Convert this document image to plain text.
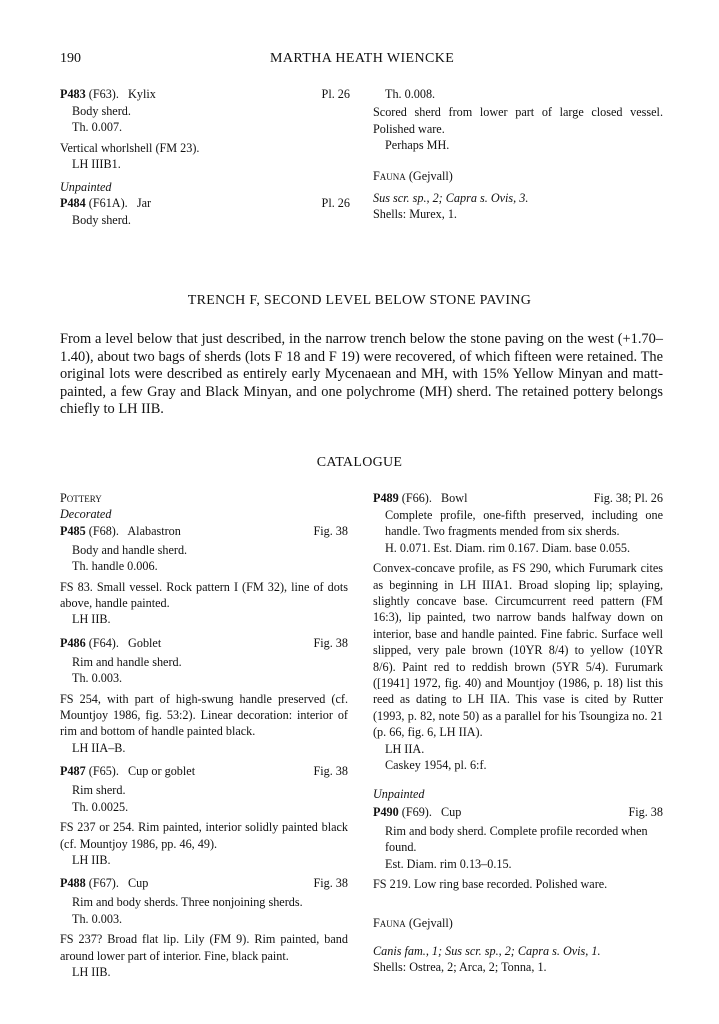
190	MARTHA HEATH WIENCKE
P483 (F63).   Kylix	Pl. 26
Body sherd.
Th. 0.007.
Vertical whorlshell (FM 23).
LH IIIB1.
Unpainted
P484 (F61A).   Jar	Pl. 26
Body sherd.
Th. 0.008.
Scored sherd from lower part of large closed vessel. Polished ware.
Perhaps MH.
Fauna (Gejvall)
Sus scr. sp., 2; Capra s. Ovis, 3.
Shells: Murex, 1.
TRENCH F, SECOND LEVEL BELOW STONE PAVING
From a level below that just described, in the narrow trench below the stone paving on the west (+1.70–1.40), about two bags of sherds (lots F 18 and F 19) were recovered, of which fifteen were retained. The original lots were described as entirely early Mycenaean and MH, with 15% Yellow Minyan and matt-painted, a few Gray and Black Minyan, and one polychrome (MH) sherd. The retained pottery belongs chiefly to LH IIB.
CATALOGUE
Pottery
Decorated
P485 (F68).   Alabastron	Fig. 38
Body and handle sherd.
Th. handle 0.006.
FS 83. Small vessel. Rock pattern I (FM 32), line of dots above, handle painted.
LH IIB.
P486 (F64).   Goblet	Fig. 38
Rim and handle sherd.
Th. 0.003.
FS 254, with part of high-swung handle preserved (cf. Mountjoy 1986, fig. 53:2). Linear decoration: interior of rim and bottom of handle painted black.
LH IIA–B.
P487 (F65).   Cup or goblet	Fig. 38
Rim sherd.
Th. 0.0025.
FS 237 or 254. Rim painted, interior solidly painted black (cf. Mountjoy 1986, pp. 46, 49).
LH IIB.
P488 (F67).   Cup	Fig. 38
Rim and body sherds. Three nonjoining sherds.
Th. 0.003.
FS 237? Broad flat lip. Lily (FM 9). Rim painted, band around lower part of interior. Fine, black paint.
LH IIB.
P489 (F66).   Bowl	Fig. 38; Pl. 26
Complete profile, one-fifth preserved, including one handle. Two fragments mended from six sherds.
H. 0.071. Est. Diam. rim 0.167. Diam. base 0.055.
Convex-concave profile, as FS 290, which Furumark cites as beginning in LH IIIA1. Broad sloping lip; splaying, slightly concave base. Circumcurrent reed pattern (FM 16:3), lip painted, two narrow bands halfway down on interior, base and handle painted. Fine fabric. Surface well slipped, very pale brown (10YR 8/4) to yellow (10YR 8/6). Paint red to reddish brown (5YR 5/4). Furumark ([1941] 1972, fig. 40) and Mountjoy (1986, p. 18) list this reed as dating to LH IIA. This vase is cited by Rutter (1993, p. 82, note 50) as a parallel for his Tsoungiza no. 21 (p. 66, fig. 6, LH IIA).
LH IIA.
Caskey 1954, pl. 6:f.
Unpainted
P490 (F69).   Cup	Fig. 38
Rim and body sherd. Complete profile recorded when found.
Est. Diam. rim 0.13–0.15.
FS 219. Low ring base recorded. Polished ware.
Fauna (Gejvall)
Canis fam., 1; Sus scr. sp., 2; Capra s. Ovis, 1.
Shells: Ostrea, 2; Arca, 2; Tonna, 1.
